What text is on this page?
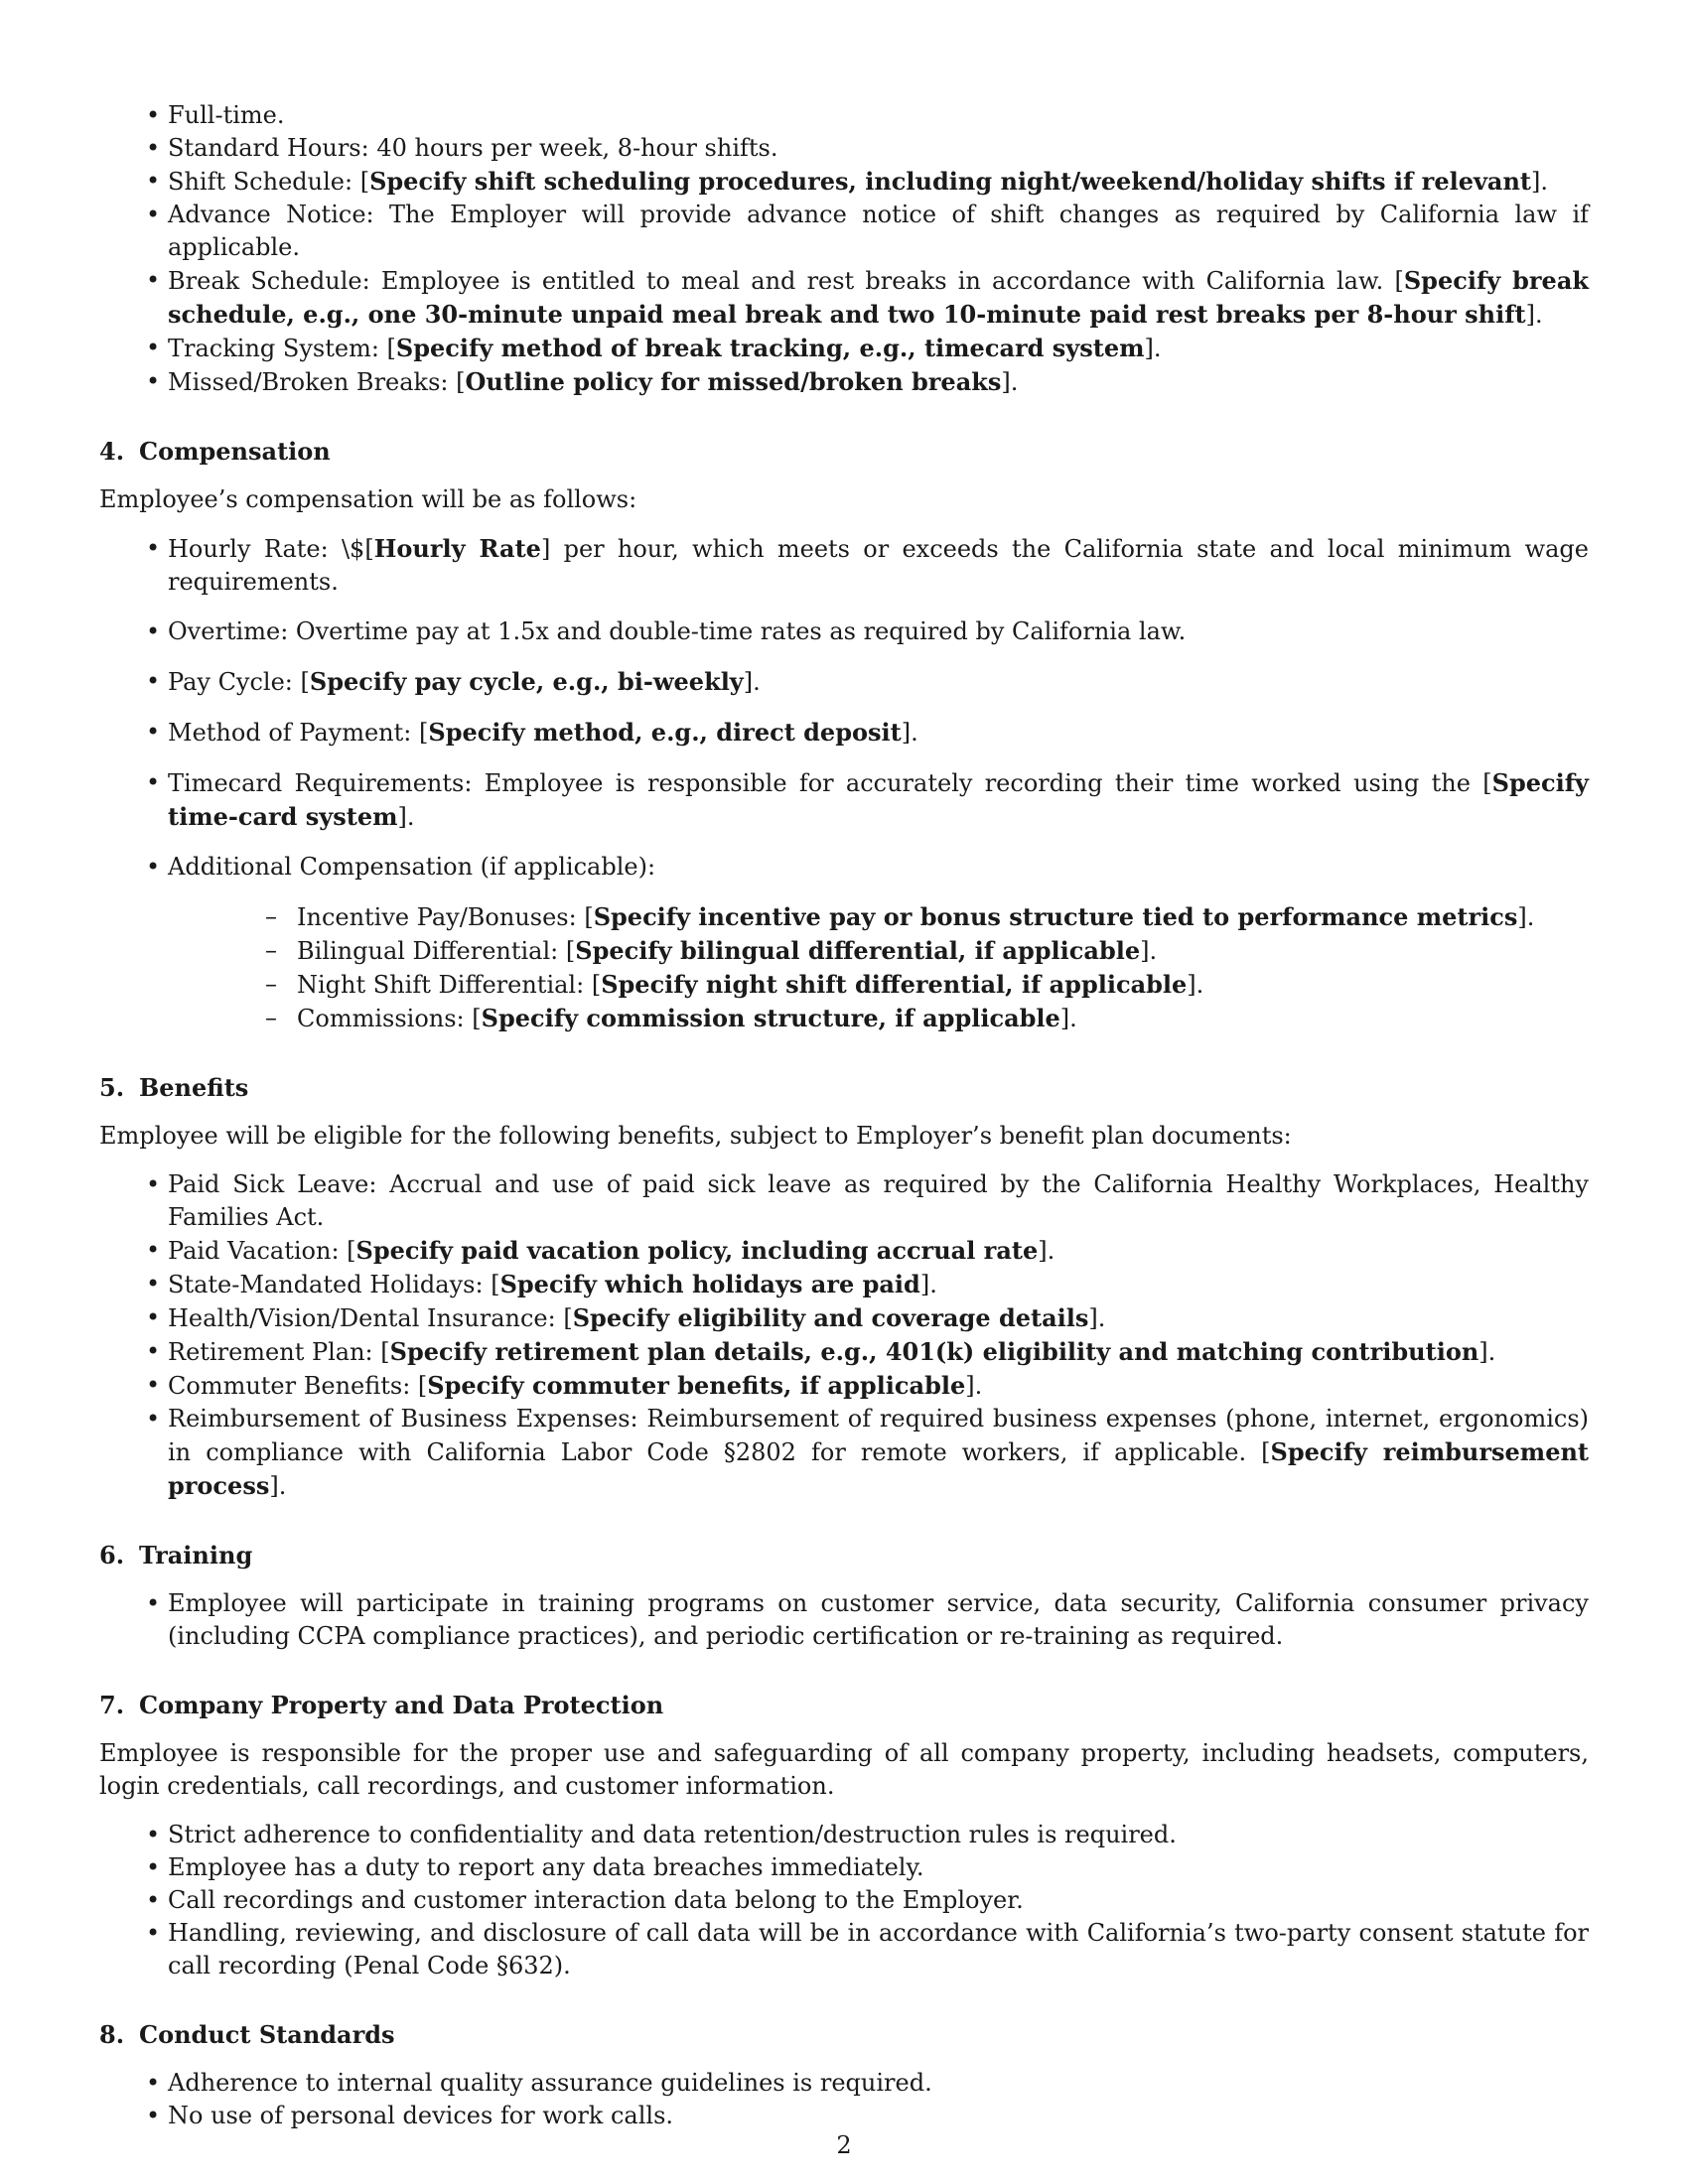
• Full-time.
• Standard Hours: 40 hours per week, 8-hour shifts.
• Shift Schedule: [Specify shift scheduling procedures, including night/weekend/holiday shifts if relevant].
• Advance Notice: The Employer will provide advance notice of shift changes as required by California law if applicable.
• Break Schedule: Employee is entitled to meal and rest breaks in accordance with California law. [Specify break schedule, e.g., one 30-minute unpaid meal break and two 10-minute paid rest breaks per 8-hour shift].
• Tracking System: [Specify method of break tracking, e.g., timecard system].
• Missed/Broken Breaks: [Outline policy for missed/broken breaks].
4. Compensation

Employee’s compensation will be as follows:

• Hourly Rate: \$[Hourly Rate] per hour, which meets or exceeds the California state and local minimum wage requirements.
• Overtime: Overtime pay at 1.5x and double-time rates as required by California law.
• Pay Cycle: [Specify pay cycle, e.g., bi-weekly].
• Method of Payment: [Specify method, e.g., direct deposit].
• Timecard Requirements: Employee is responsible for accurately recording their time worked using the [Specify time-card system].
• Additional Compensation (if applicable):
– Incentive Pay/Bonuses: [Specify incentive pay or bonus structure tied to performance metrics].
– Bilingual Differential: [Specify bilingual differential, if applicable].
– Night Shift Differential: [Specify night shift differential, if applicable].
– Commissions: [Specify commission structure, if applicable].
5. Benefits

Employee will be eligible for the following benefits, subject to Employer’s benefit plan documents:

• Paid Sick Leave: Accrual and use of paid sick leave as required by the California Healthy Workplaces, Healthy Families Act.
• Paid Vacation: [Specify paid vacation policy, including accrual rate].
• State-Mandated Holidays: [Specify which holidays are paid].
• Health/Vision/Dental Insurance: [Specify eligibility and coverage details].
• Retirement Plan: [Specify retirement plan details, e.g., 401(k) eligibility and matching contribution].
• Commuter Benefits: [Specify commuter benefits, if applicable].
• Reimbursement of Business Expenses: Reimbursement of required business expenses (phone, internet, ergonomics) in compliance with California Labor Code §2802 for remote workers, if applicable. [Specify reimbursement process].
6. Training
• Employee will participate in training programs on customer service, data security, California consumer privacy (including CCPA compliance practices), and periodic certification or re-training as required.
7. Company Property and Data Protection

Employee is responsible for the proper use and safeguarding of all company property, including headsets, computers, login credentials, call recordings, and customer information.

• Strict adherence to confidentiality and data retention/destruction rules is required.
• Employee has a duty to report any data breaches immediately.
• Call recordings and customer interaction data belong to the Employer.
• Handling, reviewing, and disclosure of call data will be in accordance with California’s two-party consent statute for call recording (Penal Code §632).
8. Conduct Standards
• Adherence to internal quality assurance guidelines is required.
• No use of personal devices for work calls.
2
